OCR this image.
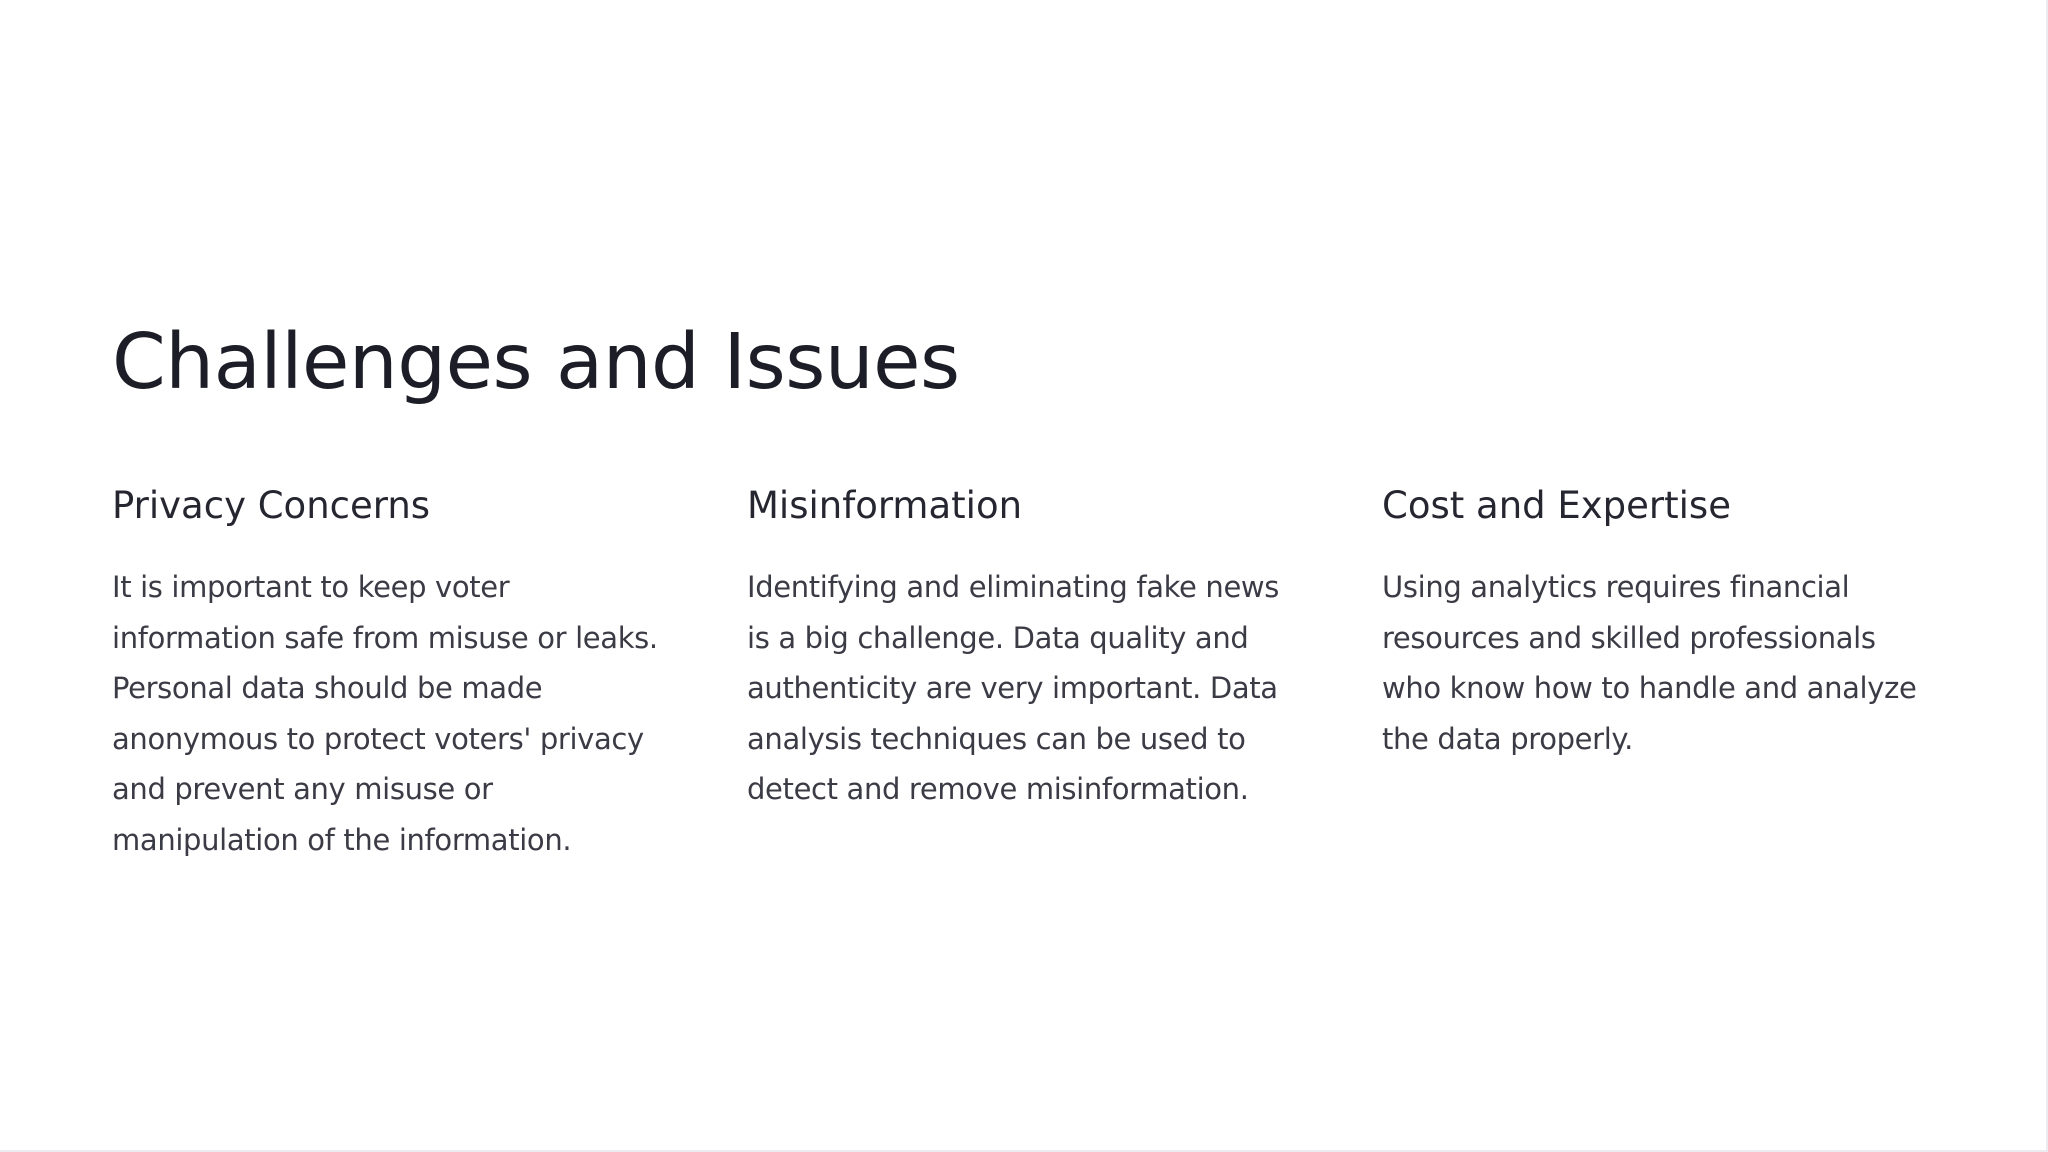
Challenges and Issues
Privacy Concerns

It is important to keep voter information safe from misuse or leaks. Personal data should be made anonymous to protect voters' privacy and prevent any misuse or manipulation of the information.

Misinformation

Identifying and eliminating fake news is a big challenge. Data quality and authenticity are very important. Data analysis techniques can be used to detect and remove misinformation.

Cost and Expertise

Using analytics requires financial resources and skilled professionals who know how to handle and analyze the data properly.
